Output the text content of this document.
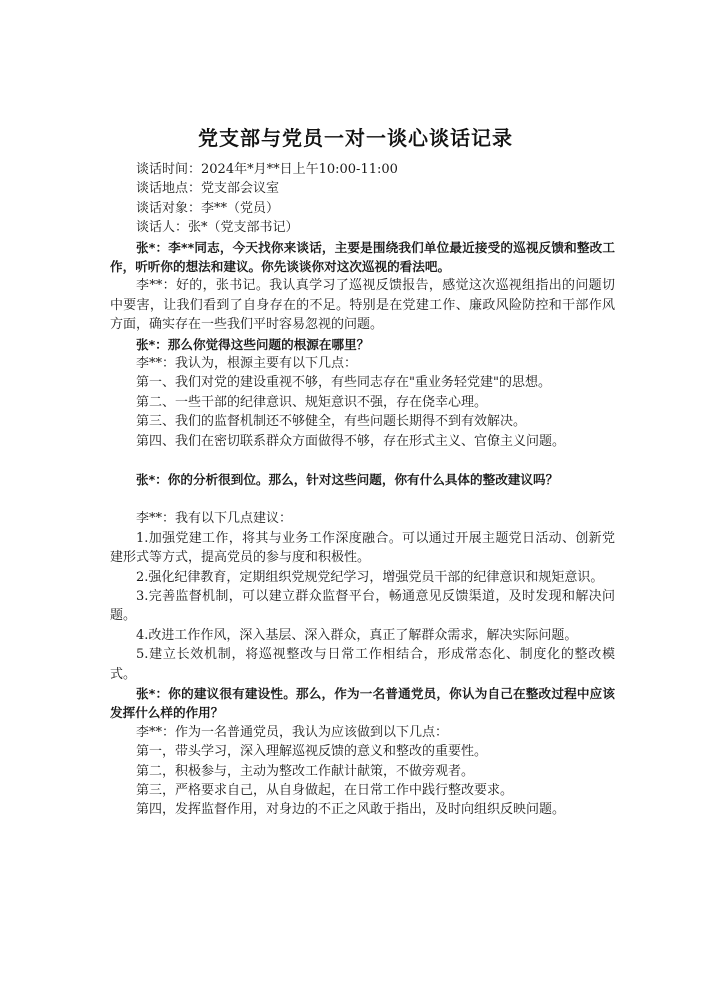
党支部与党员一对一谈心谈话记录

谈话时间：2024年*月**日上午10:00-11:00

谈话地点：党支部会议室

谈话对象：李**（党员）

谈话人：张*（党支部书记）

张*：李**同志，今天找你来谈话，主要是围绕我们单位最近接受的巡视反馈和整改工作，听听你的想法和建议。你先谈谈你对这次巡视的看法吧。

李**：好的，张书记。我认真学习了巡视反馈报告，感觉这次巡视组指出的问题切中要害，让我们看到了自身存在的不足。特别是在党建工作、廉政风险防控和干部作风方面，确实存在一些我们平时容易忽视的问题。

张*：那么你觉得这些问题的根源在哪里？

李**：我认为，根源主要有以下几点：

第一、我们对党的建设重视不够，有些同志存在"重业务轻党建"的思想。

第二、一些干部的纪律意识、规矩意识不强，存在侥幸心理。

第三、我们的监督机制还不够健全，有些问题长期得不到有效解决。

第四、我们在密切联系群众方面做得不够，存在形式主义、官僚主义问题。

张*：你的分析很到位。那么，针对这些问题，你有什么具体的整改建议吗？

李**：我有以下几点建议：

1.加强党建工作，将其与业务工作深度融合。可以通过开展主题党日活动、创新党建形式等方式，提高党员的参与度和积极性。

2.强化纪律教育，定期组织党规党纪学习，增强党员干部的纪律意识和规矩意识。

3.完善监督机制，可以建立群众监督平台，畅通意见反馈渠道，及时发现和解决问题。

4.改进工作作风，深入基层、深入群众，真正了解群众需求，解决实际问题。

5.建立长效机制，将巡视整改与日常工作相结合，形成常态化、制度化的整改模式。

张*：你的建议很有建设性。那么，作为一名普通党员，你认为自己在整改过程中应该发挥什么样的作用？

李**：作为一名普通党员，我认为应该做到以下几点：

第一，带头学习，深入理解巡视反馈的意义和整改的重要性。

第二，积极参与，主动为整改工作献计献策，不做旁观者。

第三，严格要求自己，从自身做起，在日常工作中践行整改要求。

第四，发挥监督作用，对身边的不正之风敢于指出，及时向组织反映问题。
